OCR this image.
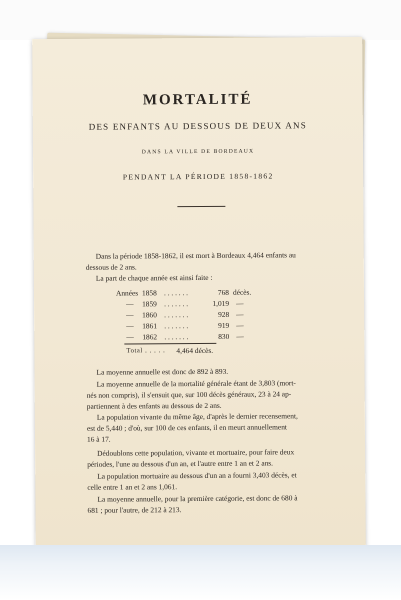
MORTALITÉ
DES ENFANTS AU DESSOUS DE DEUX ANS
DANS LA VILLE DE BORDEAUX
PENDANT LA PÉRIODE 1858-1862
Dans la période 1858-1862, il est mort à Bordeaux 4,464 enfants au
dessous de 2 ans.
La part de chaque année est ainsi faite :
Années 1858 . . . . . . .	768 décès.
—	1859 . . . . . . .	1,019 —
—	1860 . . . . . . .	928 —
—	1861 . . . . . . .	919 —
—	1862 . . . . . . .	830 —
Total . . . . . 4,464 décès.
La moyenne annuelle est donc de 892 à 893.
La moyenne annuelle de la mortalité générale étant de 3,803 (mort-
nés non compris), il s'ensuit que, sur 100 décès généraux, 23 à 24 ap-
partiennent à des enfants au dessous de 2 ans.
La population vivante du même âge, d'après le dernier recensement,
est de 5,440 ; d'où, sur 100 de ces enfants, il en meurt annuellement
16 à 17.
Dédoublons cette population, vivante et mortuaire, pour faire deux
périodes, l'une au dessous d'un an, et l'autre entre 1 an et 2 ans.
La population mortuaire au dessous d'un an a fourni 3,403 décès, et
celle entre 1 an et 2 ans 1,061.
La moyenne annuelle, pour la première catégorie, est donc de 680 à
681 ; pour l'autre, de 212 à 213.
